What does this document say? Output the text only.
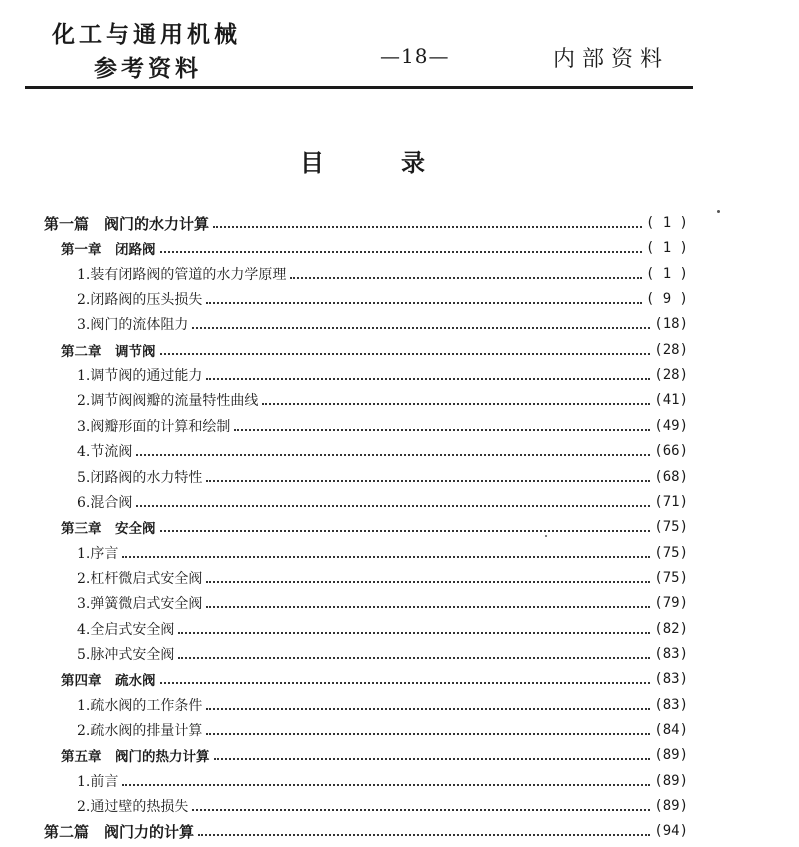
化工与通用机械
参考资料	—18—	内部资料
目	录
第一篇　阀门的水力计算	( 1 )
第一章　闭路阀	( 1 )
1.装有闭路阀的管道的水力学原理	( 1 )
2.闭路阀的压头损失	( 9 )
3.阀门的流体阻力	(18)
第二章　调节阀	(28)
1.调节阀的通过能力	(28)
2.调节阀阀瓣的流量特性曲线	(41)
3.阀瓣形面的计算和绘制	(49)
4.节流阀	(66)
5.闭路阀的水力特性	(68)
6.混合阀	(71)
第三章　安全阀	(75)
1.序言	(75)
2.杠杆微启式安全阀	(75)
3.弹簧微启式安全阀	(79)
4.全启式安全阀	(82)
5.脉冲式安全阀	(83)
第四章　疏水阀	(83)
1.疏水阀的工作条件	(83)
2.疏水阀的排量计算	(84)
第五章　阀门的热力计算	(89)
1.前言	(89)
2.通过壁的热损失	(89)
第二篇　阀门力的计算	(94)
